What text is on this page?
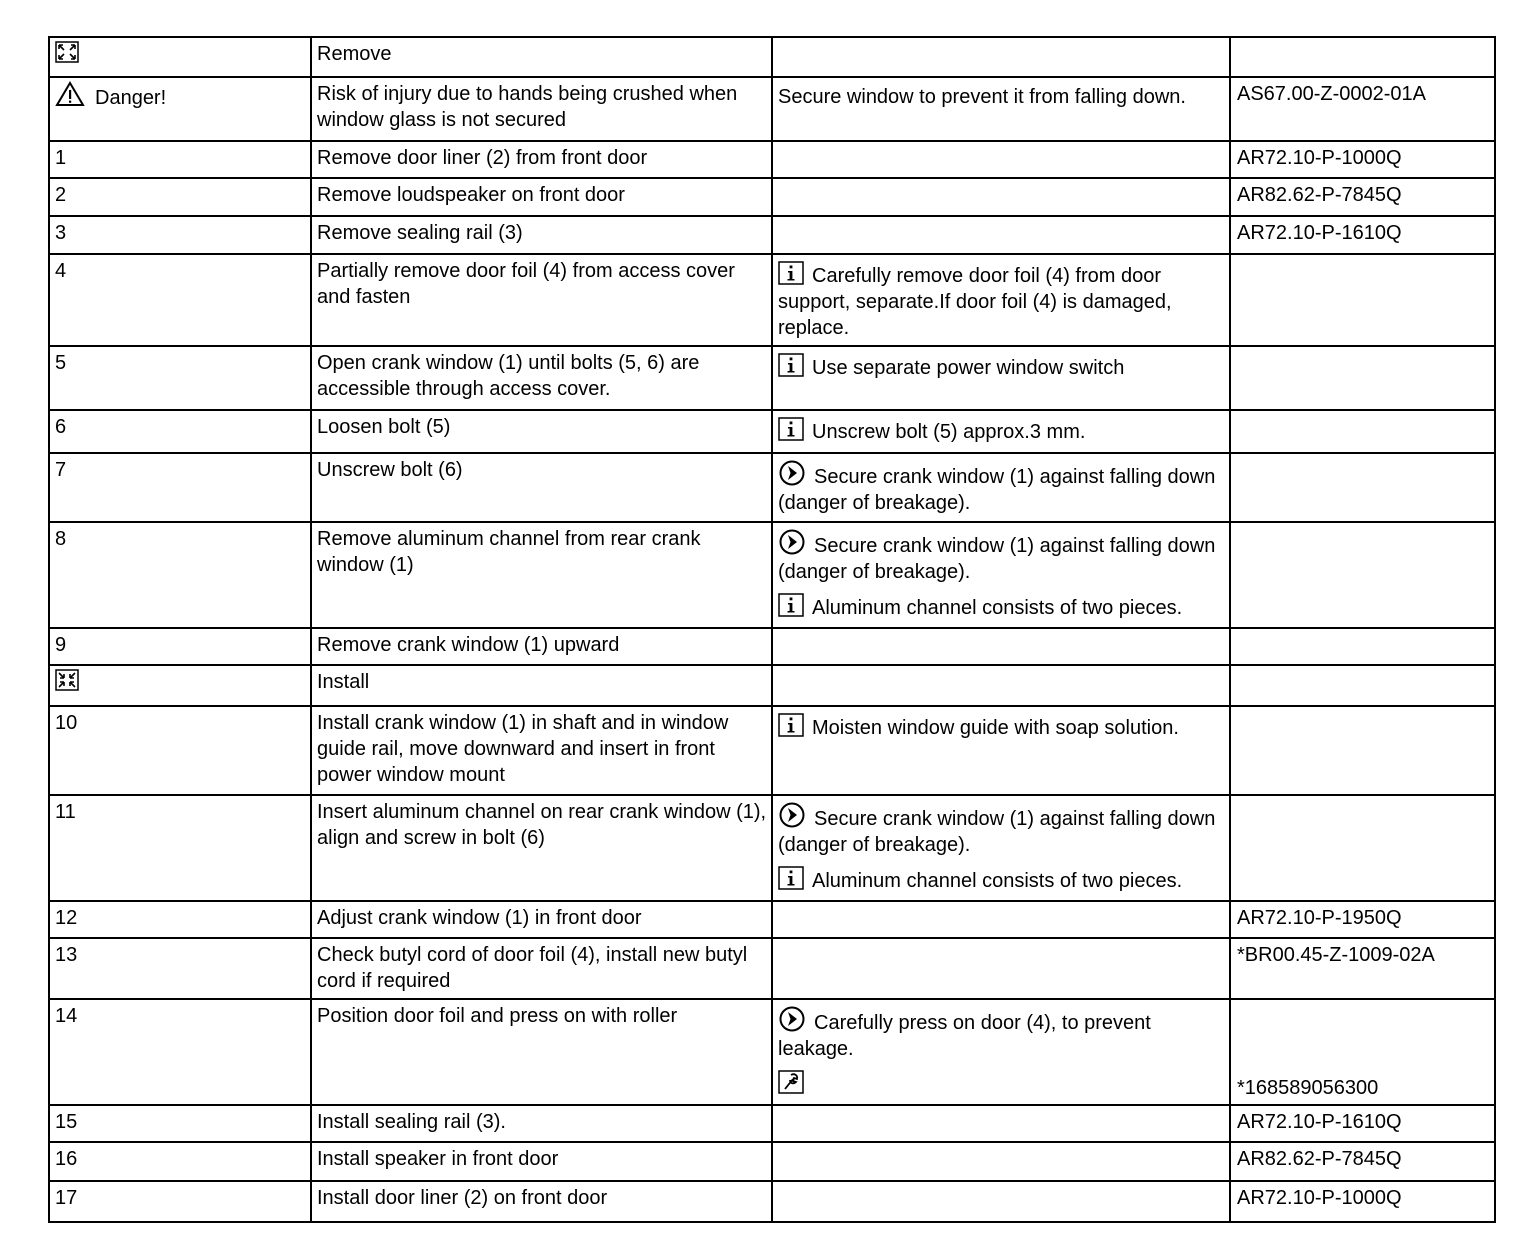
	Remove		

Danger!	Risk of injury due to hands being crushed when window glass is not secured	Secure window to prevent it from falling down.	AS67.00-Z-0002-01A
1	Remove door liner (2) from front door		AR72.10-P-1000Q
2	Remove loudspeaker on front door		AR82.62-P-7845Q
3	Remove sealing rail (3)		AR72.10-P-1610Q
4	Partially remove door foil (4) from access cover and fasten	Carefully remove door foil (4) from door support, separate.If door foil (4) is damaged, replace.	

5	Open crank window (1) until bolts (5, 6) are accessible through access cover.	Use separate power window switch	

6	Loosen bolt (5)	Unscrew bolt (5) approx.3 mm.	

7	Unscrew bolt (6)	Secure crank window (1) against falling down (danger of breakage).	

8	Remove aluminum channel from rear crank window (1)	Secure crank window (1) against falling down (danger of breakage).
Aluminum channel consists of two pieces.	

9	Remove crank window (1) upward		

	Install		
10	Install crank window (1) in shaft and in window guide rail, move downward and insert in front power window mount	Moisten window guide with soap solution.	

11	Insert aluminum channel on rear crank window (1), align and screw in bolt (6)	Secure crank window (1) against falling down (danger of breakage).
Aluminum channel consists of two pieces.	

12	Adjust crank window (1) in front door		AR72.10-P-1950Q
13	Check butyl cord of door foil (4), install new butyl cord if required		*BR00.45-Z-1009-02A
14	Position door foil and press on with roller	Carefully press on door (4), to prevent leakage.	*168589056300
15	Install sealing rail (3).		AR72.10-P-1610Q
16	Install speaker in front door		AR82.62-P-7845Q
17	Install door liner (2) on front door		AR72.10-P-1000Q
